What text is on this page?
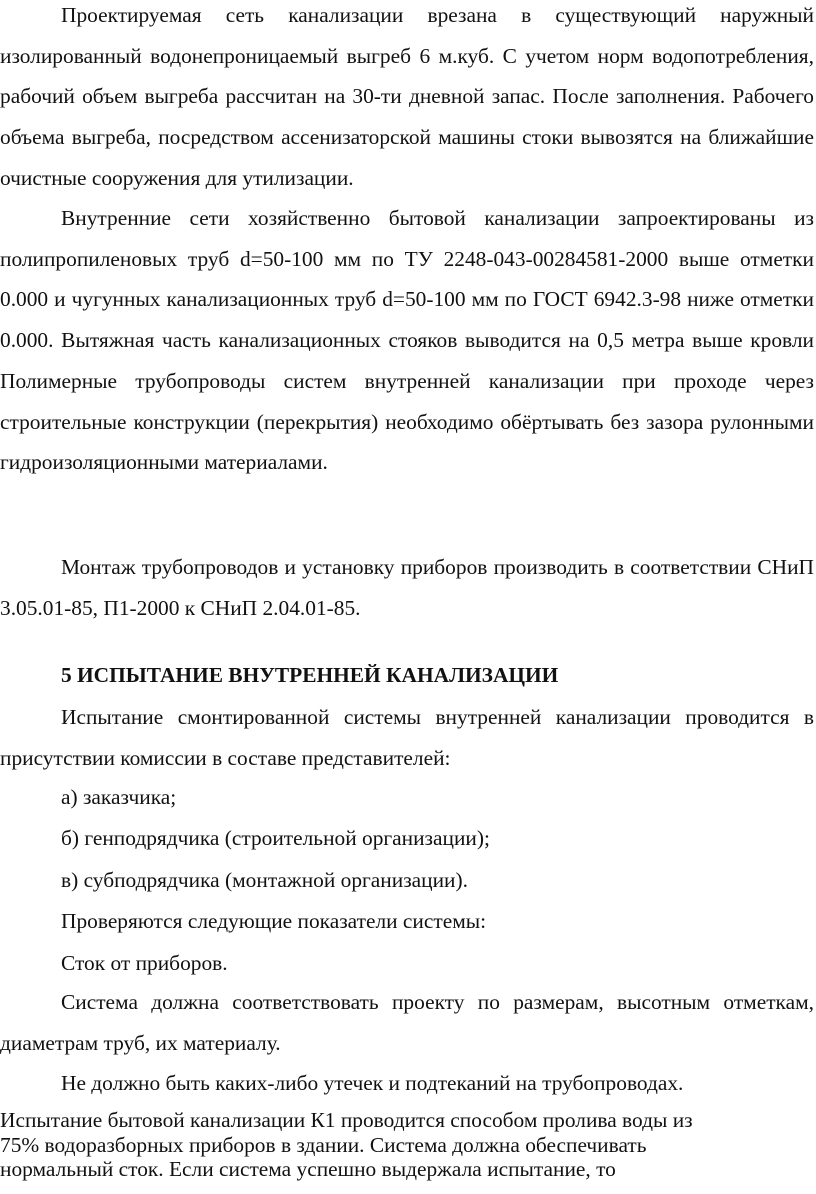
Проектируемая сеть канализации врезана в существующий наружный изолированный водонепроницаемый выгреб 6 м.куб. С учетом норм водопотребления, рабочий объем выгреба рассчитан на 30-ти дневной запас. После заполнения. Рабочего объема выгреба, посредством ассенизаторской машины стоки вывозятся на ближайшие очистные сооружения для утилизации.

Внутренние сети хозяйственно бытовой канализации запроектированы из полипропиленовых труб d=50-100 мм по ТУ 2248-043-00284581-2000 выше отметки 0.000 и чугунных канализационных труб d=50-100 мм по ГОСТ 6942.3-98 ниже отметки 0.000. Вытяжная часть канализационных стояков выводится на 0,5 метра выше кровли Полимерные трубопроводы систем внутренней канализации при проходе через строительные конструкции (перекрытия) необходимо обёртывать без зазора рулонными гидроизоляционными материалами.

Монтаж трубопроводов и установку приборов производить в соответствии СНиП 3.05.01-85, П1-2000 к СНиП 2.04.01-85.

5 ИСПЫТАНИЕ ВНУТРЕННЕЙ КАНАЛИЗАЦИИ

Испытание смонтированной системы внутренней канализации проводится в присутствии комиссии в составе представителей:

а) заказчика;

б) генподрядчика (строительной организации);

в) субподрядчика (монтажной организации).

Проверяются следующие показатели системы:

Сток от приборов.

Система должна соответствовать проекту по размерам, высотным отметкам, диаметрам труб, их материалу.

Не должно быть каких-либо утечек и подтеканий на трубопроводах.

Испытание бытовой канализации К1 проводится способом пролива воды из
75% водоразборных приборов в здании. Система должна обеспечивать
нормальный сток. Если система успешно выдержала испытание, то
